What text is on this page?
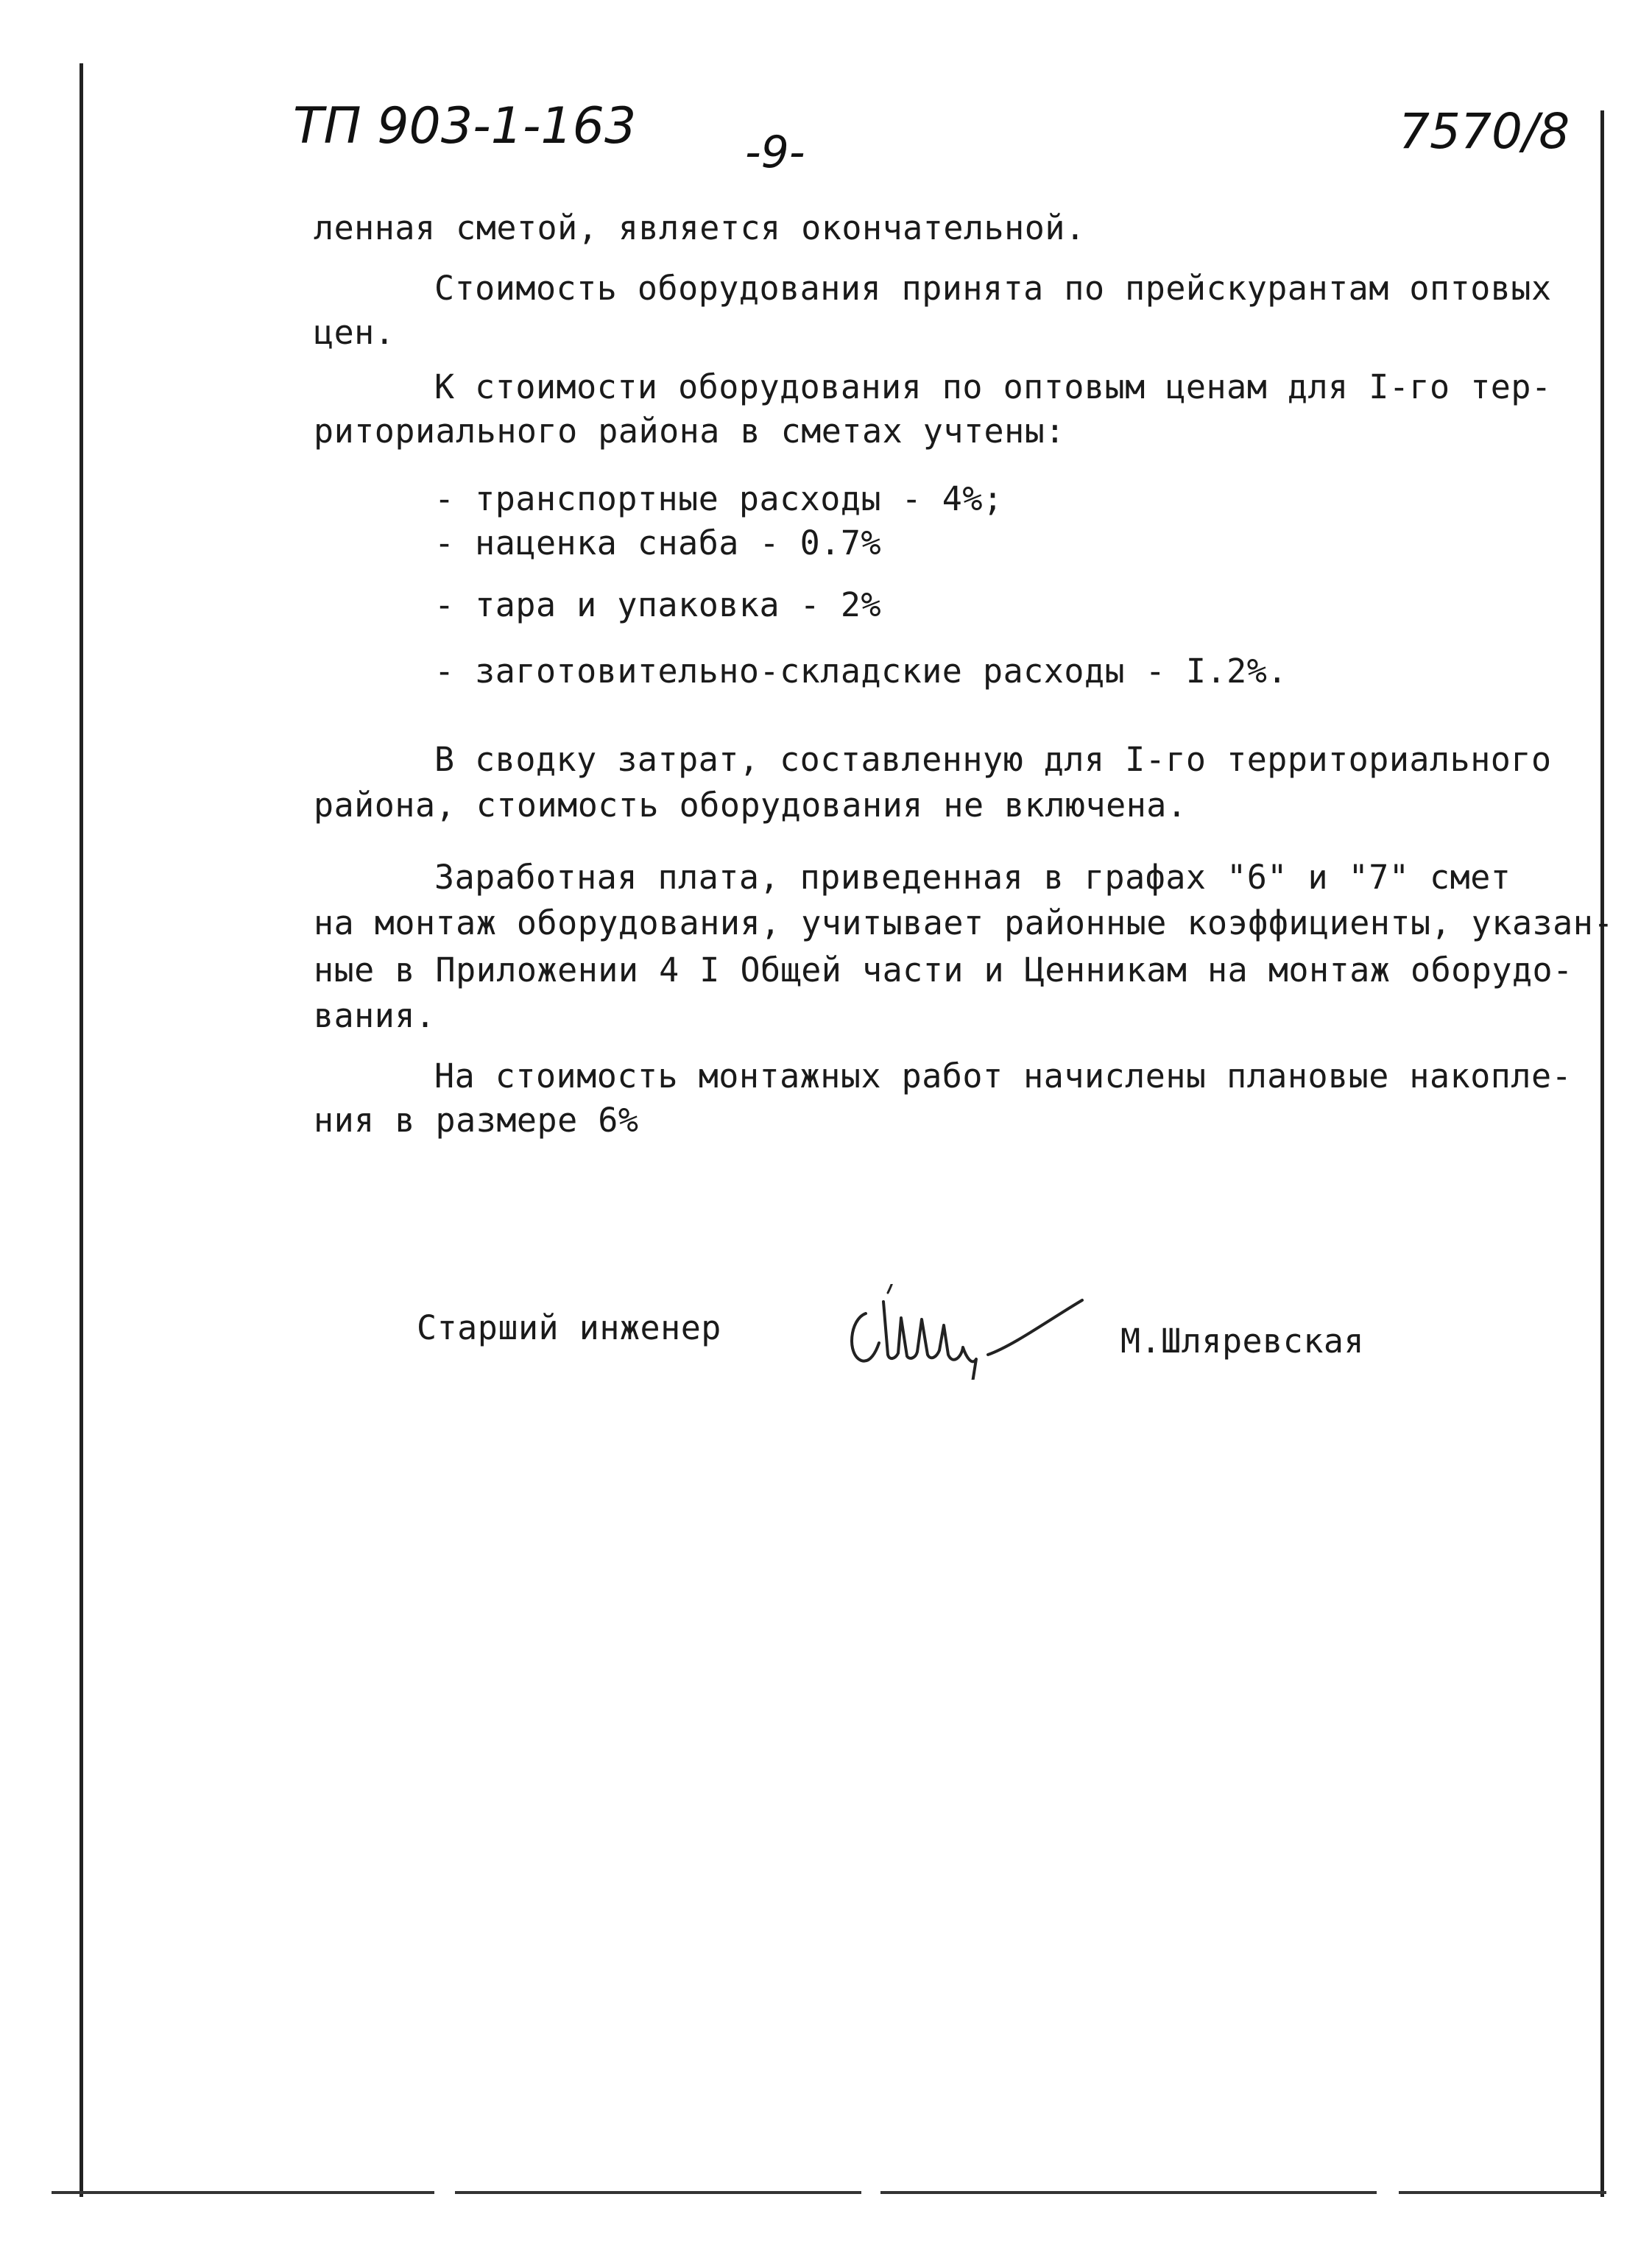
ТП 903-1-163 -9-	7570/8
ленная сметой, является окончательной.
Стоимость оборудования принята по прейскурантам оптовых
цен.
К стоимости оборудования по оптовым ценам для I-го тер-
риториального района в сметах учтены:
- транспортные расходы - 4%;
- наценка снаба - 0.7%
- тара и упаковка - 2%
- заготовительно-складские расходы - I.2%.
В сводку затрат, составленную для I-го территориального
района, стоимость оборудования не включена.
Заработная плата, приведенная в графах "6" и "7" смет
на монтаж оборудования, учитывает районные коэффициенты, указан-
ные в Приложении 4 I Общей части и Ценникам на монтаж оборудо-
вания.
На стоимость монтажных работ начислены плановые накопле-
ния в размере 6%
Старший инженер	М.Шляревская
